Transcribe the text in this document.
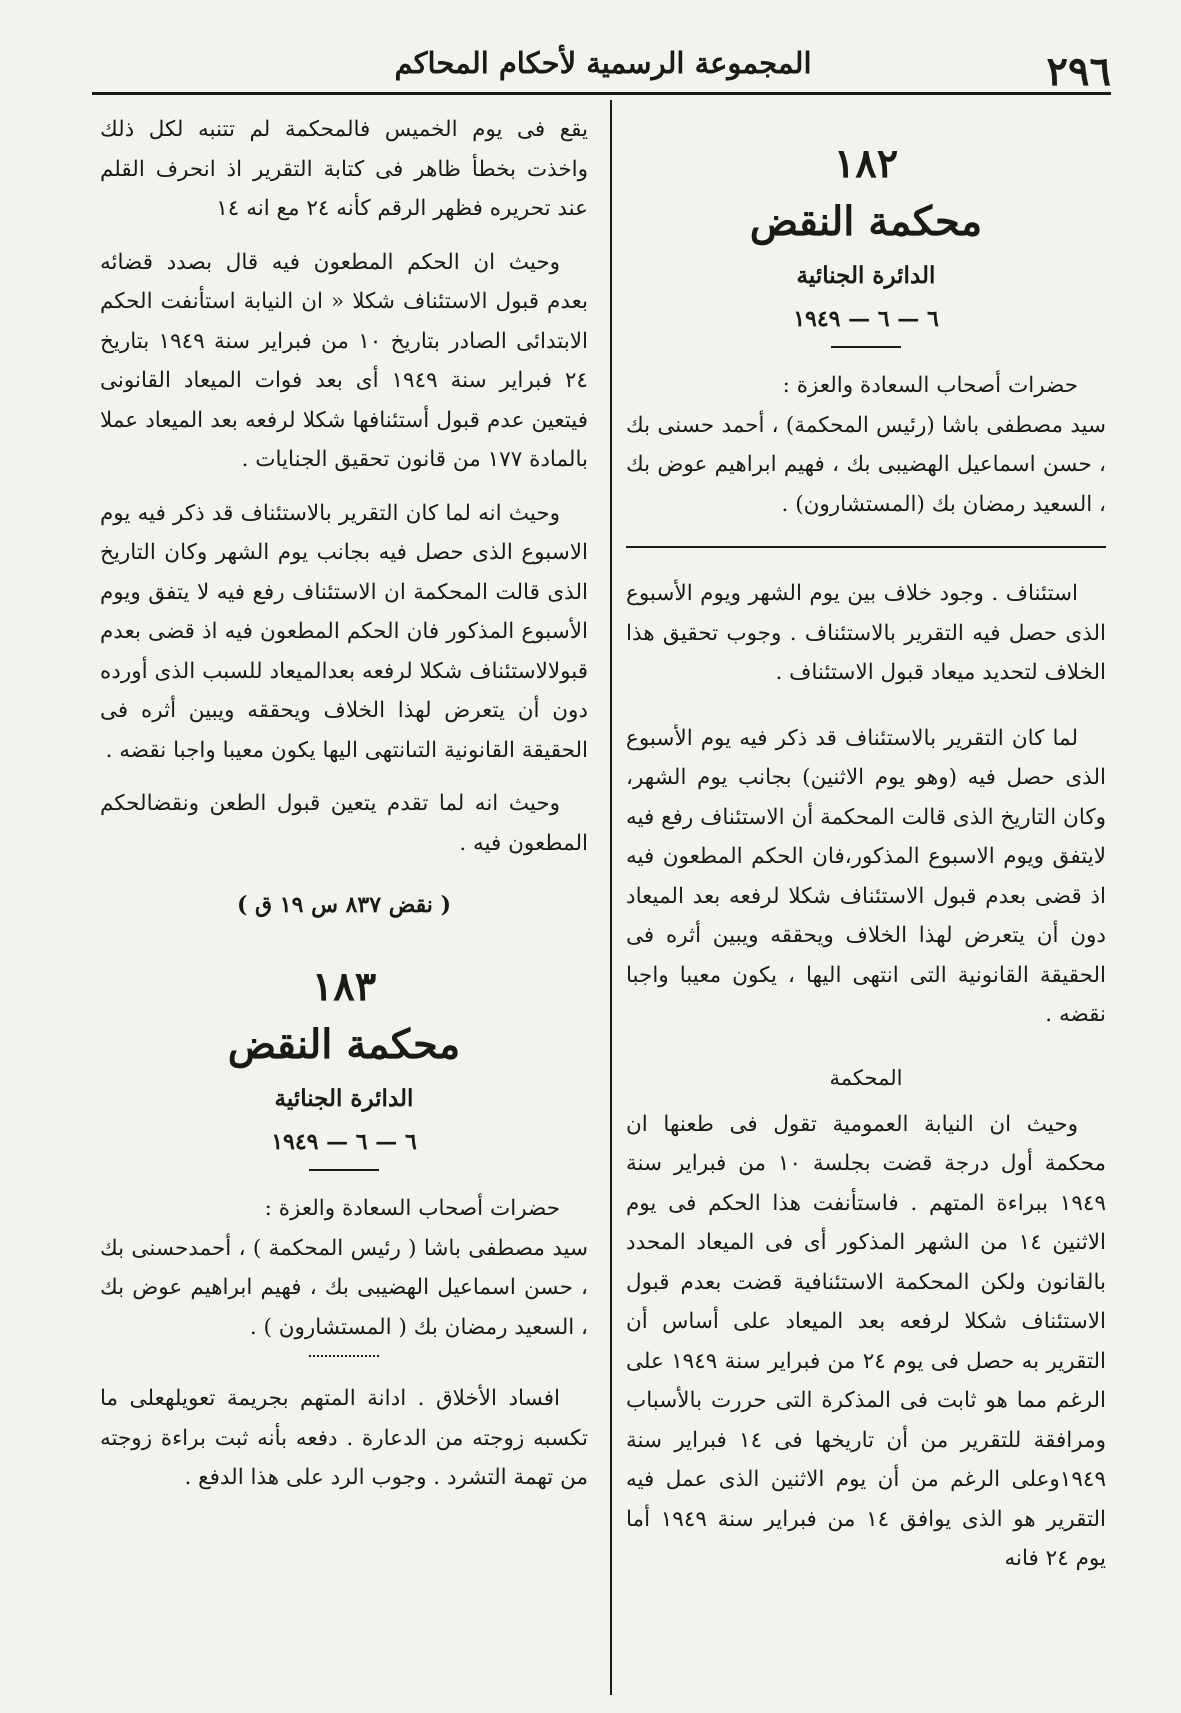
٢٩٦
المجموعة الرسمية لأحكام المحاكم
١٨٢
محكمة النقض
الدائرة الجنائية
٦ — ٦ — ١٩٤٩

حضرات أصحاب السعادة والعزة :

سيد مصطفى باشا (رئيس المحكمة) ، أحمد حسنى بك ، حسن اسماعيل الهضيبى بك ، فهيم ابراهيم عوض بك ، السعيد رمضان بك (المستشارون) .

استئناف . وجود خلاف بين يوم الشهر ويوم الأسبوع الذى حصل فيه التقرير بالاستئناف . وجوب تحقيق هذا الخلاف لتحديد ميعاد قبول الاستئناف .

لما كان التقرير بالاستئناف قد ذكر فيه يوم الأسبوع الذى حصل فيه (وهو يوم الاثنين) بجانب يوم الشهر، وكان التاريخ الذى قالت المحكمة أن الاستئناف رفع فيه لايتفق ويوم الاسبوع المذكور،فان الحكم المطعون فيه اذ قضى بعدم قبول الاستئناف شكلا لرفعه بعد الميعاد دون أن يتعرض لهذا الخلاف ويحققه ويبين أثره فى الحقيقة القانونية التى انتهى اليها ، يكون معيبا واجبا نقضه .

المحكمة

وحيث ان النيابة العمومية تقول فى طعنها ان محكمة أول درجة قضت بجلسة ١٠ من فبراير سنة ١٩٤٩ ببراءة المتهم . فاستأنفت هذا الحكم فى يوم الاثنين ١٤ من الشهر المذكور أى فى الميعاد المحدد بالقانون ولكن المحكمة الاستئنافية قضت بعدم قبول الاستئناف شكلا لرفعه بعد الميعاد على أساس أن التقرير به حصل فى يوم ٢٤ من فبراير سنة ١٩٤٩ على الرغم مما هو ثابت فى المذكرة التى حررت بالأسباب ومرافقة للتقرير من أن تاريخها فى ١٤ فبراير سنة ١٩٤٩وعلى الرغم من أن يوم الاثنين الذى عمل فيه التقرير هو الذى يوافق ١٤ من فبراير سنة ١٩٤٩ أما يوم ٢٤ فانه

يقع فى يوم الخميس فالمحكمة لم تتنبه لكل ذلك واخذت بخطأ ظاهر فى كتابة التقرير اذ انحرف القلم عند تحريره فظهر الرقم كأنه ٢٤ مع انه ١٤

وحيث ان الحكم المطعون فيه قال بصدد قضائه بعدم قبول الاستئناف شكلا « ان النيابة استأنفت الحكم الابتدائى الصادر بتاريخ ١٠ من فبراير سنة ١٩٤٩ بتاريخ ٢٤ فبراير سنة ١٩٤٩ أى بعد فوات الميعاد القانونى فيتعين عدم قبول أستئنافها شكلا لرفعه بعد الميعاد عملا بالمادة ١٧٧ من قانون تحقيق الجنايات .

وحيث انه لما كان التقرير بالاستئناف قد ذكر فيه يوم الاسبوع الذى حصل فيه بجانب يوم الشهر وكان التاريخ الذى قالت المحكمة ان الاستئناف رفع فيه لا يتفق ويوم الأسبوع المذكور فان الحكم المطعون فيه اذ قضى بعدم قبولالاستئناف شكلا لرفعه بعدالميعاد للسبب الذى أورده دون أن يتعرض لهذا الخلاف ويحققه ويبين أثره فى الحقيقة القانونية التىانتهى اليها يكون معيبا واجبا نقضه .

وحيث انه لما تقدم يتعين قبول الطعن ونقضالحكم المطعون فيه .

( نقض ٨٣٧ س ١٩ ق )
١٨٣
محكمة النقض
الدائرة الجنائية
٦ — ٦ — ١٩٤٩

حضرات أصحاب السعادة والعزة :

سيد مصطفى باشا ( رئيس المحكمة ) ، أحمدحسنى بك ، حسن اسماعيل الهضيبى بك ، فهيم ابراهيم عوض بك ، السعيد رمضان بك ( المستشارون ) .

افساد الأخلاق . ادانة المتهم بجريمة تعويلهعلى ما تكسبه زوجته من الدعارة . دفعه بأنه ثبت براءة زوجته من تهمة التشرد . وجوب الرد على هذا الدفع .
